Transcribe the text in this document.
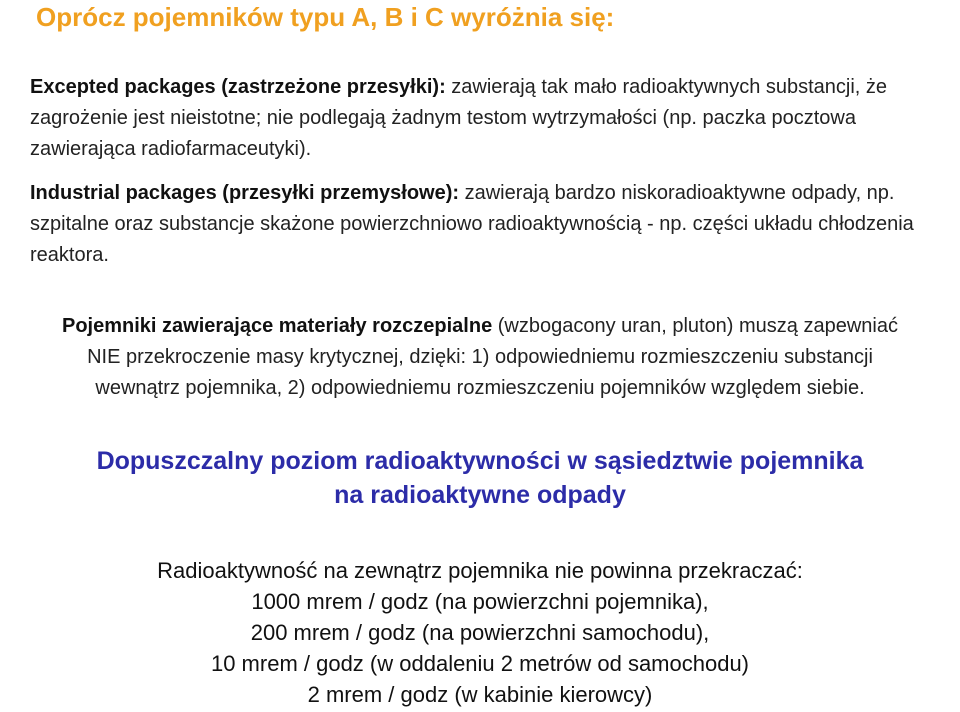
Oprócz pojemników typu A, B i C wyróżnia się:

Excepted packages (zastrzeżone przesyłki): zawierają tak mało radioaktywnych substancji, że zagrożenie jest nieistotne; nie podlegają żadnym testom wytrzymałości (np. paczka pocztowa zawierająca radiofarmaceutyki).

Industrial packages (przesyłki przemysłowe): zawierają bardzo niskoradioaktywne odpady, np. szpitalne oraz substancje skażone powierzchniowo radioaktywnością - np. części układu chłodzenia reaktora.

Pojemniki zawierające materiały rozczepialne (wzbogacony uran, pluton) muszą zapewniać
NIE przekroczenie masy krytycznej, dzięki: 1) odpowiedniemu rozmieszczeniu substancji
wewnątrz pojemnika, 2) odpowiedniemu rozmieszczeniu pojemników względem siebie.

Dopuszczalny poziom radioaktywności w sąsiedztwie pojemnika
na radioaktywne odpady
Radioaktywność na zewnątrz pojemnika nie powinna przekraczać:
1000 mrem / godz (na powierzchni pojemnika),
200 mrem / godz (na powierzchni samochodu),
10 mrem / godz (w oddaleniu 2 metrów od samochodu)
2 mrem / godz (w kabinie kierowcy)
